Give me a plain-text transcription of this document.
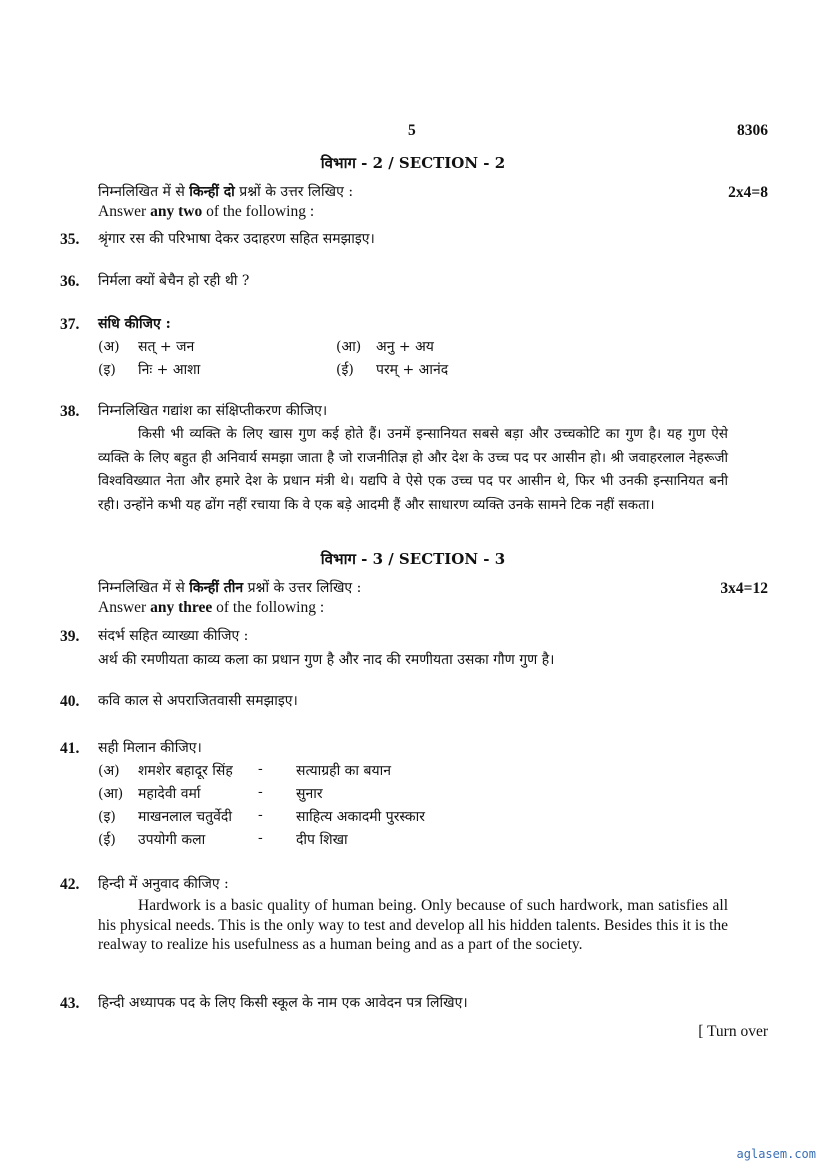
5	8306
विभाग - 2 / SECTION - 2
निम्नलिखित में से किन्हीं दो प्रश्नों के उत्तर लिखिए :	2x4=8
Answer any two of the following :
35. श्रृंगार रस की परिभाषा देकर उदाहरण सहित समझाइए।
36. निर्मला क्यों बेचैन हो रही थी ?
37. संधि कीजिए :
(अ) सत् + जन	(आ) अनु + अय
(इ) निः + आशा	(ई) परम् + आनंद
38. निम्नलिखित गद्यांश का संक्षिप्तीकरण कीजिए।

किसी भी व्यक्ति के लिए खास गुण कई होते हैं। उनमें इन्सानियत सबसे बड़ा और उच्चकोटि का गुण है। यह गुण ऐसे व्यक्ति के लिए बहुत ही अनिवार्य समझा जाता है जो राजनीतिज्ञ हो और देश के उच्च पद पर आसीन हो। श्री जवाहरलाल नेहरूजी विश्वविख्यात नेता और हमारे देश के प्रधान मंत्री थे। यद्यपि वे ऐसे एक उच्च पद पर आसीन थे, फिर भी उनकी इन्सानियत बनी रही। उन्होंने कभी यह ढोंग नहीं रचाया कि वे एक बड़े आदमी हैं और साधारण व्यक्ति उनके सामने टिक नहीं सकता।

विभाग - 3 / SECTION - 3
निम्नलिखित में से किन्हीं तीन प्रश्नों के उत्तर लिखिए :	3x4=12
Answer any three of the following :
39. संदर्भ सहित व्याख्या कीजिए :
अर्थ की रमणीयता काव्य कला का प्रधान गुण है और नाद की रमणीयता उसका गौण गुण है।
40. कवि काल से अपराजितवासी समझाइए।
41. सही मिलान कीजिए।
(अ) शमशेर बहादूर सिंह - सत्याग्रही का बयान
(आ) महादेवी वर्मा	- सुनार
(इ) माखनलाल चतुर्वेदी - साहित्य अकादमी पुरस्कार
(ई) उपयोगी कला	- दीप शिखा
42. हिन्दी में अनुवाद कीजिए :

Hardwork is a basic quality of human being. Only because of such hardwork, man satisfies all his physical needs. This is the only way to test and develop all his hidden talents. Besides this it is the realway to realize his usefulness as a human being and as a part of the society.

43. हिन्दी अध्यापक पद के लिए किसी स्कूल के नाम एक आवेदन पत्र लिखिए।
[ Turn over
aglasem.com
